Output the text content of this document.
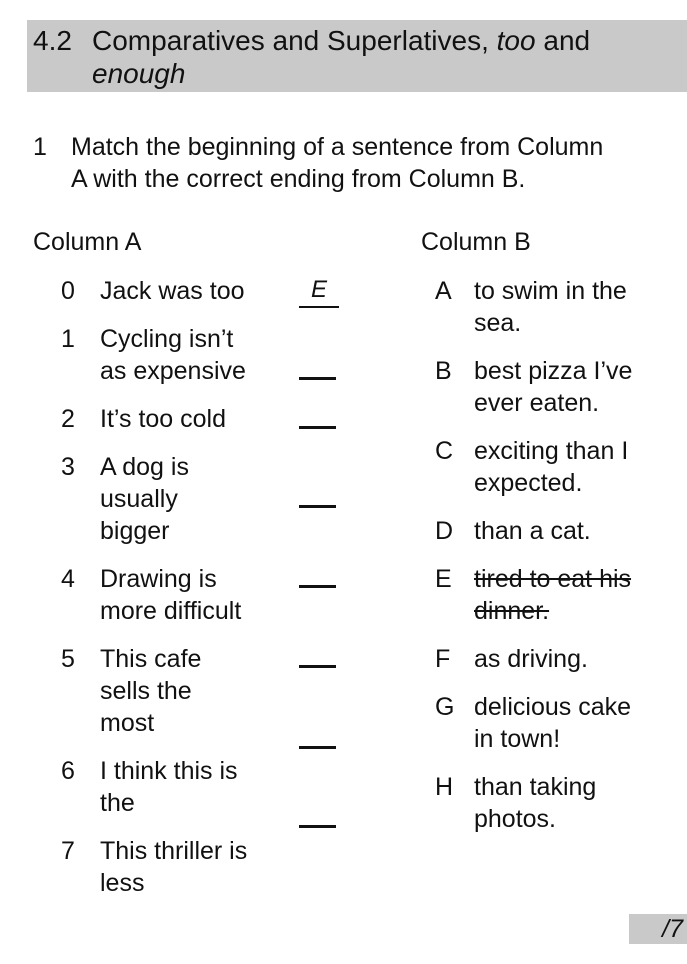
4.2 Comparatives and Superlatives, too and
enough
1 Match the beginning of a sentence from Column
A with the correct ending from Column B.
Column A	Column B
0 Jack was too	E
1 Cycling isn’t
as expensive
2 It’s too cold
3 A dog is
usually
bigger
4 Drawing is
more difficult
5 This cafe
sells the
most
6 I think this is
the
7 This thriller is
less
A to swim in the
sea.
B best pizza I’ve
ever eaten.
C exciting than I
expected.
D than a cat.
E tired to eat his
dinner.
F as driving.
G delicious cake
in town!
H than taking
photos.
/7
